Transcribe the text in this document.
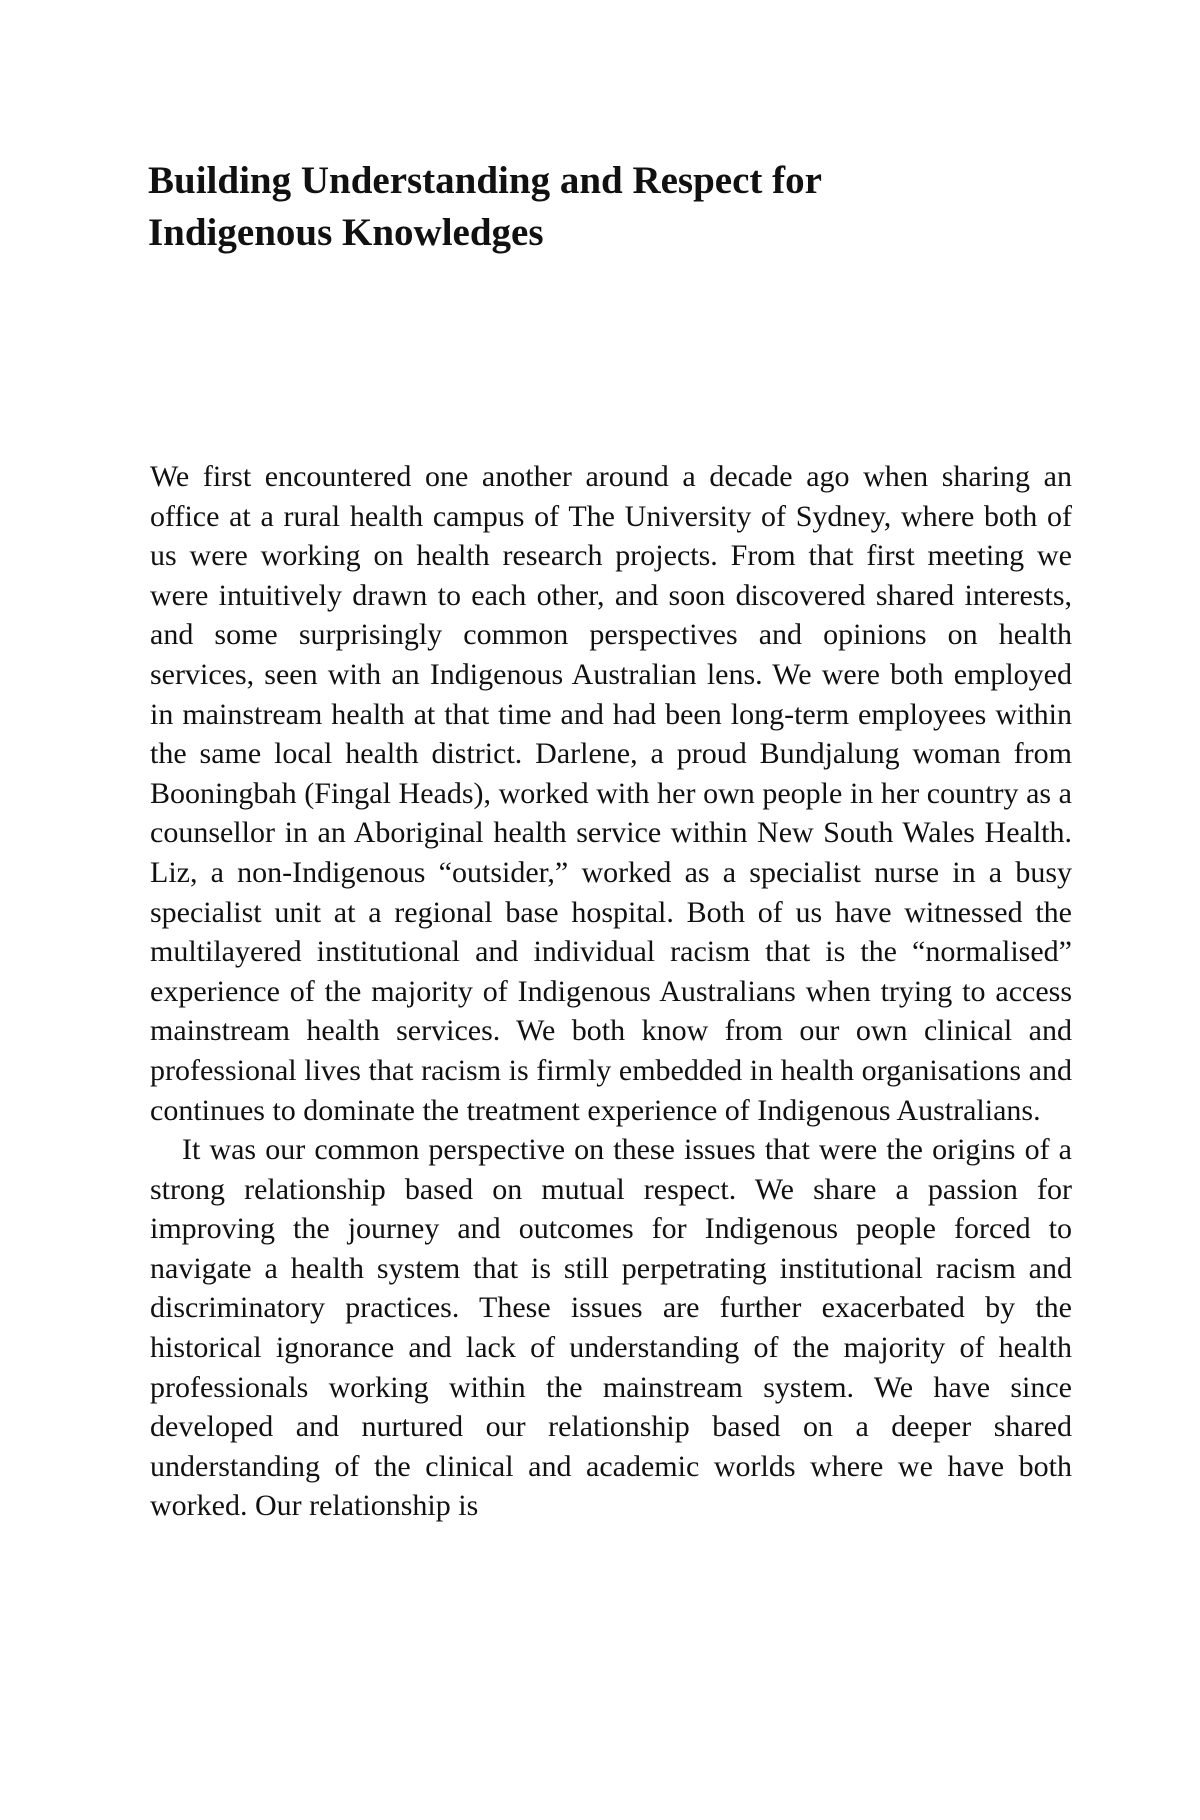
Building Understanding and Respect for
Indigenous Knowledges

We first encountered one another around a decade ago when sharing an office at a rural health campus of The University of Sydney, where both of us were working on health research projects. From that first meeting we were intuitively drawn to each other, and soon discovered shared interests, and some surprisingly common perspectives and opinions on health services, seen with an Indigenous Australian lens. We were both employed in mainstream health at that time and had been long-term employees within the same local health district. Darlene, a proud Bundjalung woman from Booningbah (Fingal Heads), worked with her own people in her country as a counsellor in an Aboriginal health service within New South Wales Health. Liz, a non-Indigenous “outsider,” worked as a specialist nurse in a busy specialist unit at a regional base hospital. Both of us have witnessed the multilayered institutional and individual racism that is the “normalised” experience of the majority of Indigenous Australians when trying to access mainstream health services. We both know from our own clinical and professional lives that racism is firmly embedded in health organisations and continues to dominate the treatment experience of Indigenous Australians.

It was our common perspective on these issues that were the origins of a strong relationship based on mutual respect. We share a passion for improving the journey and outcomes for Indigenous people forced to navigate a health system that is still perpetrating institutional racism and discriminatory practices. These issues are further exacerbated by the historical ignorance and lack of understanding of the majority of health professionals working within the mainstream system. We have since developed and nurtured our relationship based on a deeper shared understanding of the clinical and academic worlds where we have both worked. Our relationship is
